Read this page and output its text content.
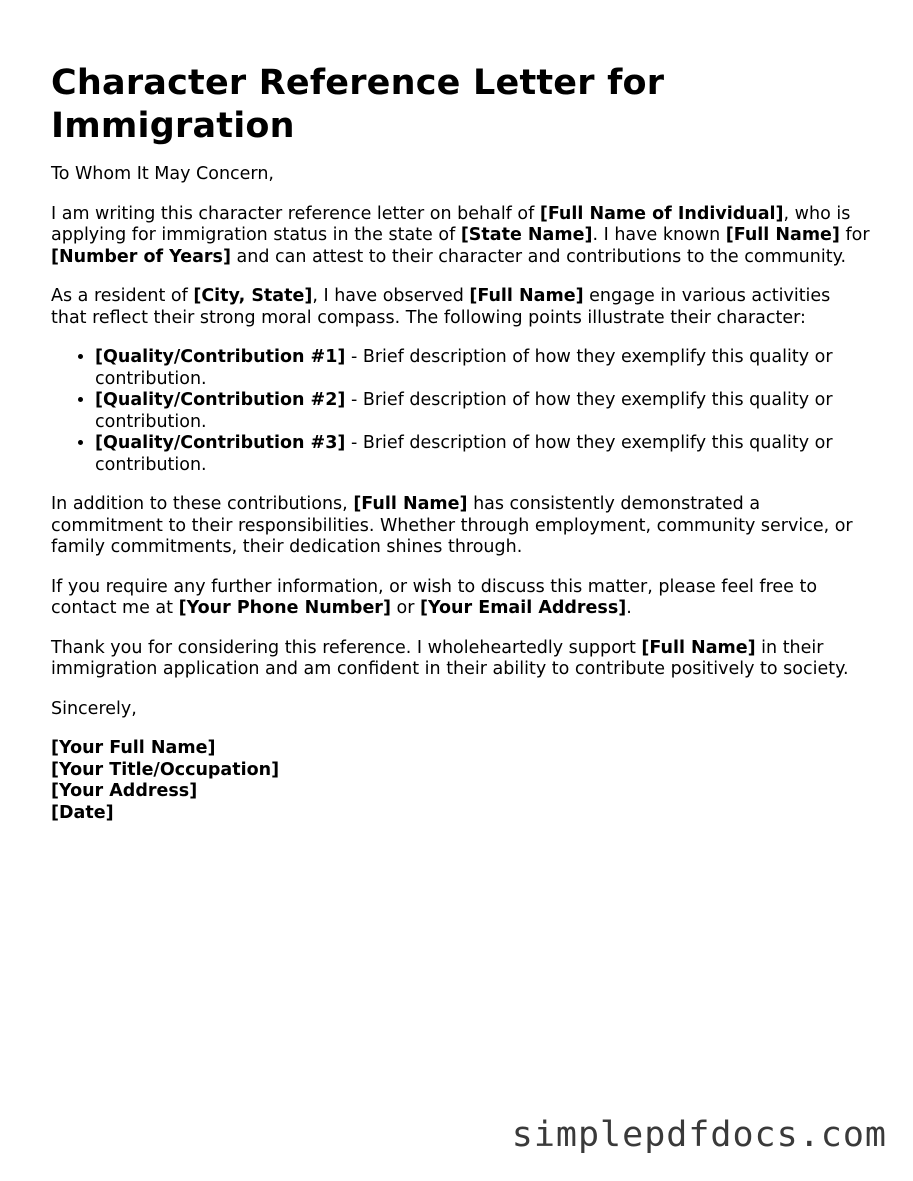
Character Reference Letter for Immigration

To Whom It May Concern,

I am writing this character reference letter on behalf of [Full Name of Individual], who is applying for immigration status in the state of [State Name]. I have known [Full Name] for [Number of Years] and can attest to their character and contributions to the community.

As a resident of [City, State], I have observed [Full Name] engage in various activities that reflect their strong moral compass. The following points illustrate their character:

• [Quality/Contribution #1] - Brief description of how they exemplify this quality or contribution.
• [Quality/Contribution #2] - Brief description of how they exemplify this quality or contribution.
• [Quality/Contribution #3] - Brief description of how they exemplify this quality or contribution.

In addition to these contributions, [Full Name] has consistently demonstrated a commitment to their responsibilities. Whether through employment, community service, or family commitments, their dedication shines through.

If you require any further information, or wish to discuss this matter, please feel free to contact me at [Your Phone Number] or [Your Email Address].

Thank you for considering this reference. I wholeheartedly support [Full Name] in their immigration application and am confident in their ability to contribute positively to society.

Sincerely,

[Your Full Name]

[Your Title/Occupation]

[Your Address]

[Date]

simplepdfdocs.com
